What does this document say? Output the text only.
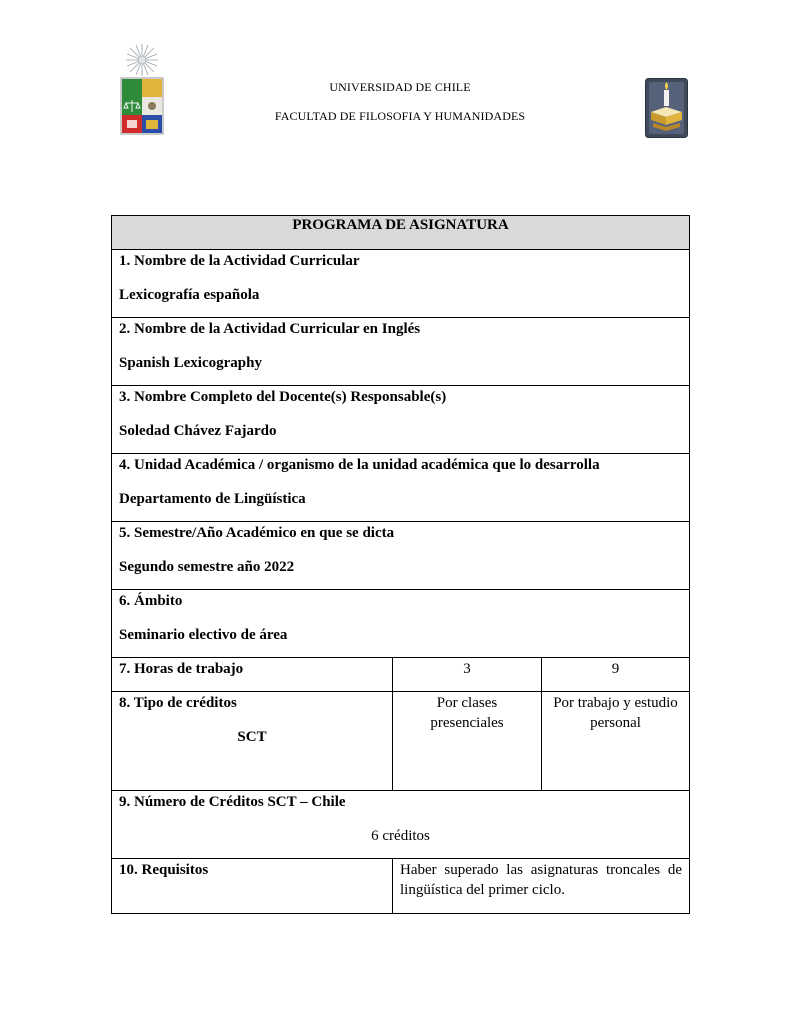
UNIVERSIDAD DE CHILE
FACULTAD DE FILOSOFIA Y HUMANIDADES
PROGRAMA DE ASIGNATURA		

1. Nombre de la Actividad Curricular
Lexicografía española		

2. Nombre de la Actividad Curricular en Inglés
Spanish Lexicography		

3. Nombre Completo del Docente(s) Responsable(s)
Soledad Chávez Fajardo		

4. Unidad Académica / organismo de la unidad académica que lo desarrolla
Departamento de Lingüística		

5. Semestre/Año Académico en que se dicta
Segundo semestre año 2022		

6. Ámbito
Seminario electivo de área		

7. Horas de trabajo	3	9

8. Tipo de créditos
SCT	Por clases presenciales	Por trabajo y estudio personal

9. Número de Créditos SCT – Chile
6 créditos		

10. Requisitos	Haber superado las asignaturas troncales de lingüística del primer ciclo.	
